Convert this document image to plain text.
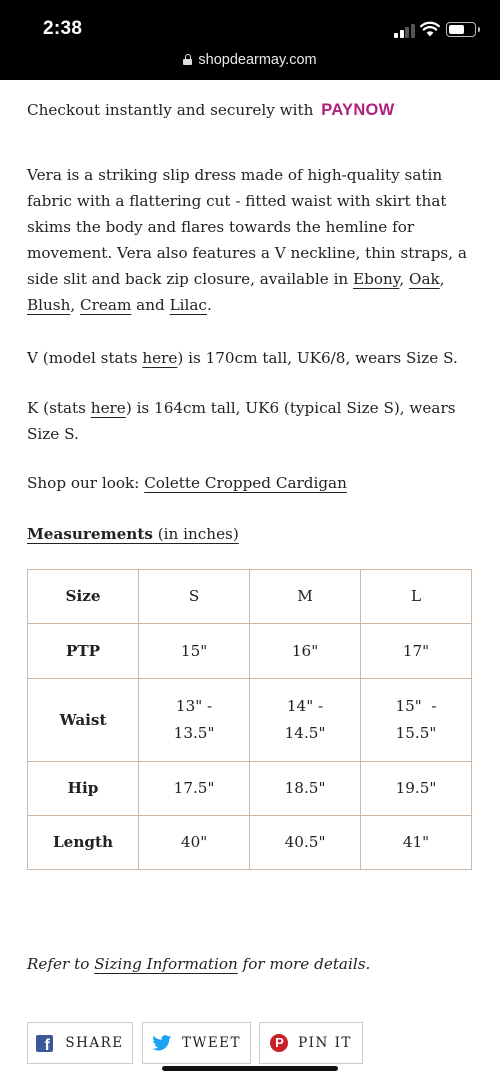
2:38
shopdearmay.com
Checkout instantly and securely with PAYNOW

Vera is a striking slip dress made of high-quality satin fabric with a flattering cut - fitted waist with skirt that skims the body and flares towards the hemline for movement. Vera also features a V neckline, thin straps, a side slit and back zip closure, available in Ebony, Oak, Blush, Cream and Lilac.

V (model stats here) is 170cm tall, UK6/8, wears Size S.

K (stats here) is 164cm tall, UK6 (typical Size S), wears Size S.

Shop our look: Colette Cropped Cardigan

Measurements (in inches)

Size	S	M	L
PTP	15"	16"	17"
Waist	13" - 13.5"	14" - 14.5"	15"  - 15.5"

Hip	17.5"	18.5"	19.5"
Length	40"	40.5"	41"

Refer to Sizing Information for more details.

f
SHARE	TWEET P	PIN IT
